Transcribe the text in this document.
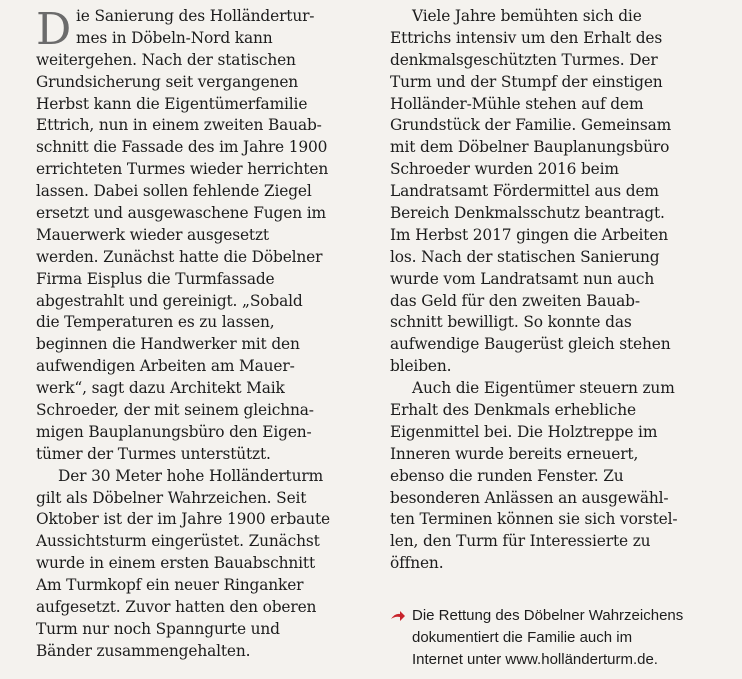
D ie Sanierung des Holländertur-
mes in Döbeln-Nord kann
weitergehen. Nach der statischen
Grundsicherung seit vergangenen
Herbst kann die Eigentümerfamilie
Ettrich, nun in einem zweiten Bauab-
schnitt die Fassade des im Jahre 1900
errichteten Turmes wieder herrichten
lassen. Dabei sollen fehlende Ziegel
ersetzt und ausgewaschene Fugen im
Mauerwerk wieder ausgesetzt
werden. Zunächst hatte die Döbelner
Firma Eisplus die Turmfassade
abgestrahlt und gereinigt. „Sobald
die Temperaturen es zu lassen,
beginnen die Handwerker mit den
aufwendigen Arbeiten am Mauer-
werk“, sagt dazu Architekt Maik
Schroeder, der mit seinem gleichna-
migen Bauplanungsbüro den Eigen-
tümer der Turmes unterstützt.
Der 30 Meter hohe Holländerturm
gilt als Döbelner Wahrzeichen. Seit
Oktober ist der im Jahre 1900 erbaute
Aussichtsturm eingerüstet. Zunächst
wurde in einem ersten Bauabschnitt
Am Turmkopf ein neuer Ringanker
aufgesetzt. Zuvor hatten den oberen
Turm nur noch Spanngurte und
Bänder zusammengehalten.
Viele Jahre bemühten sich die
Ettrichs intensiv um den Erhalt des
denkmalsgeschützten Turmes. Der
Turm und der Stumpf der einstigen
Holländer-Mühle stehen auf dem
Grundstück der Familie. Gemeinsam
mit dem Döbelner Bauplanungsbüro
Schroeder wurden 2016 beim
Landratsamt Fördermittel aus dem
Bereich Denkmalsschutz beantragt.
Im Herbst 2017 gingen die Arbeiten
los. Nach der statischen Sanierung
wurde vom Landratsamt nun auch
das Geld für den zweiten Bauab-
schnitt bewilligt. So konnte das
aufwendige Baugerüst gleich stehen
bleiben.
Auch die Eigentümer steuern zum
Erhalt des Denkmals erhebliche
Eigenmittel bei. Die Holztreppe im
Inneren wurde bereits erneuert,
ebenso die runden Fenster. Zu
besonderen Anlässen an ausgewähl-
ten Terminen können sie sich vorstel-
len, den Turm für Interessierte zu
öffnen.
Die Rettung des Döbelner Wahrzeichens
dokumentiert die Familie auch im
Internet unter www.holländerturm.de.
